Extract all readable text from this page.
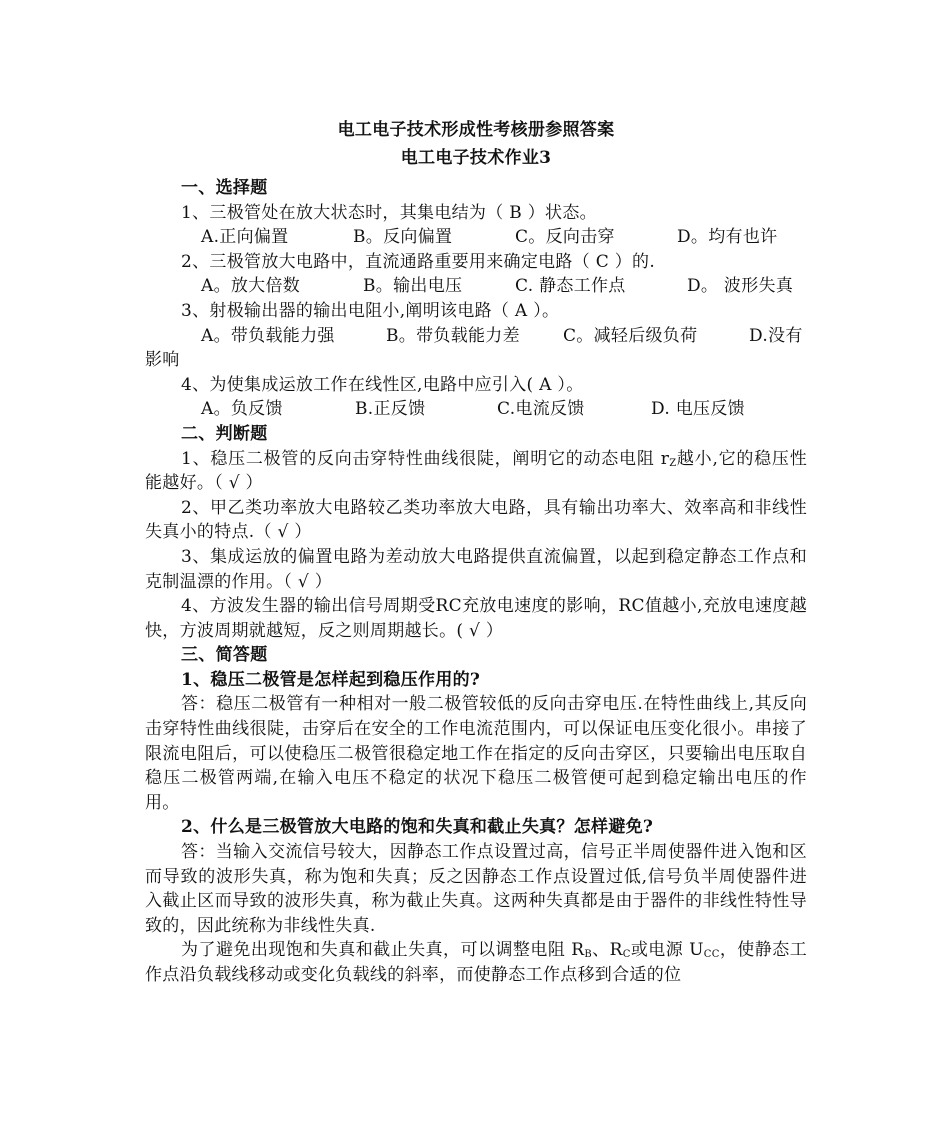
电工电子技术形成性考核册参照答案
电工电子技术作业3
一、选择题
1、三极管处在放大状态时，其集电结为（ B ）状态。
A.正向偏置	B。反向偏置	C。反向击穿	D。均有也许
2、三极管放大电路中，直流通路重要用来确定电路（ C ）的.
A。放大倍数	B。输出电压	C. 静态工作点	D。 波形失真
3、射极输出器的输出电阻小,阐明该电路（ A ）。
A。带负载能力强	B。带负载能力差	C。减轻后级负荷	D.没有
影响
4、为使集成运放工作在线性区,电路中应引入( A ）。
A。负反馈	B.正反馈	C.电流反馈	D. 电压反馈
二、判断题
1、稳压二极管的反向击穿特性曲线很陡，阐明它的动态电阻 $r_Z$越小,它的稳压性能越好。（ √ ）
2、甲乙类功率放大电路较乙类功率放大电路，具有输出功率大、效率高和非线性失真小的特点.（ √ ）
3、集成运放的偏置电路为差动放大电路提供直流偏置，以起到稳定静态工作点和克制温漂的作用。（ √ ）
4、方波发生器的输出信号周期受RC充放电速度的影响，RC值越小,充放电速度越快，方波周期就越短，反之则周期越长。( √ ）
三、简答题
1、稳压二极管是怎样起到稳压作用的?
答：稳压二极管有一种相对一般二极管较低的反向击穿电压.在特性曲线上,其反向击穿特性曲线很陡，击穿后在安全的工作电流范围内，可以保证电压变化很小。串接了限流电阻后，可以使稳压二极管很稳定地工作在指定的反向击穿区，只要输出电压取自稳压二极管两端,在输入电压不稳定的状况下稳压二极管便可起到稳定输出电压的作用。
2、什么是三极管放大电路的饱和失真和截止失真？怎样避免?
答：当输入交流信号较大，因静态工作点设置过高，信号正半周使器件进入饱和区而导致的波形失真，称为饱和失真；反之因静态工作点设置过低,信号负半周使器件进入截止区而导致的波形失真，称为截止失真。这两种失真都是由于器件的非线性特性导致的，因此统称为非线性失真.
为了避免出现饱和失真和截止失真，可以调整电阻 $R_B$、$R_C$或电源 $U_{CC}$，使静态工作点沿负载线移动或变化负载线的斜率，而使静态工作点移到合适的位
